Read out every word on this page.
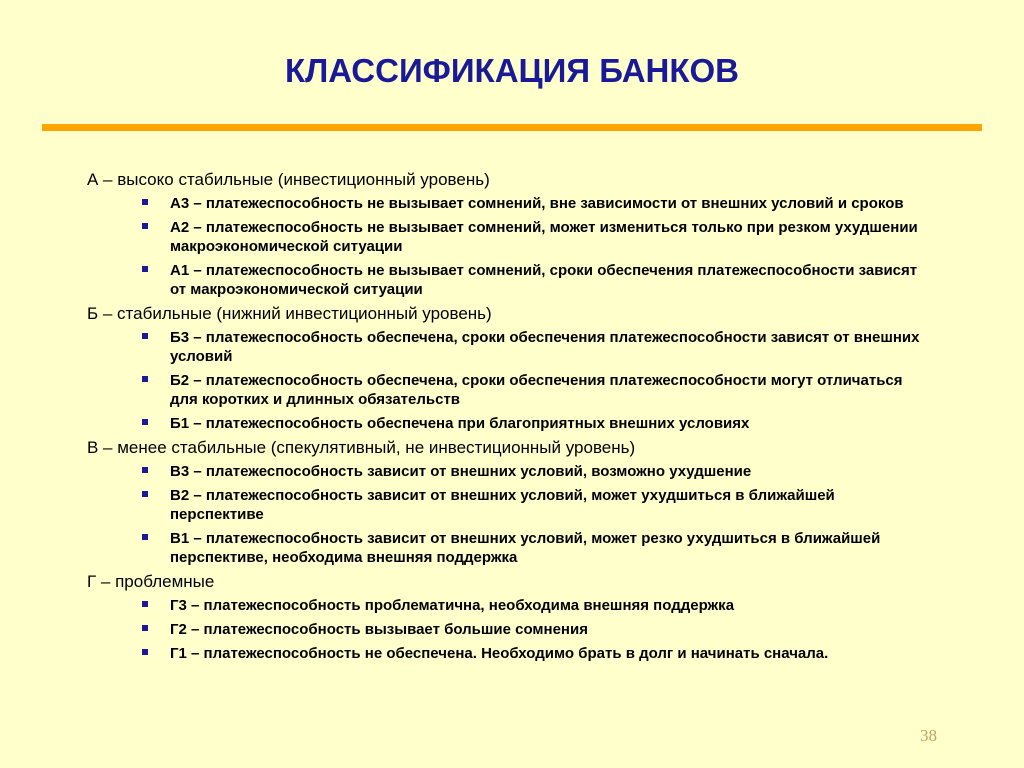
КЛАССИФИКАЦИЯ БАНКОВ
А – высоко стабильные (инвестиционный уровень)
А3 – платежеспособность не вызывает сомнений, вне зависимости от внешних условий и сроков
А2 – платежеспособность не вызывает сомнений, может измениться только при резком ухудшении макроэкономической ситуации
А1 – платежеспособность не вызывает сомнений, сроки обеспечения платежеспособности зависят от макроэкономической ситуации
Б – стабильные (нижний инвестиционный уровень)
Б3 – платежеспособность обеспечена, сроки обеспечения платежеспособности зависят от внешних условий
Б2 – платежеспособность обеспечена, сроки обеспечения платежеспособности могут отличаться для коротких и длинных обязательств
Б1 – платежеспособность обеспечена при благоприятных внешних условиях
В – менее стабильные (спекулятивный, не инвестиционный уровень)
В3 – платежеспособность зависит от внешних условий, возможно ухудшение
В2 – платежеспособность зависит от внешних условий, может ухудшиться в ближайшей перспективе
В1 – платежеспособность зависит от внешних условий, может резко ухудшиться в ближайшей перспективе, необходима внешняя поддержка
Г – проблемные
Г3 – платежеспособность проблематична, необходима внешняя поддержка
Г2 – платежеспособность вызывает большие сомнения
Г1 – платежеспособность не обеспечена. Необходимо брать в долг и начинать сначала.
38
